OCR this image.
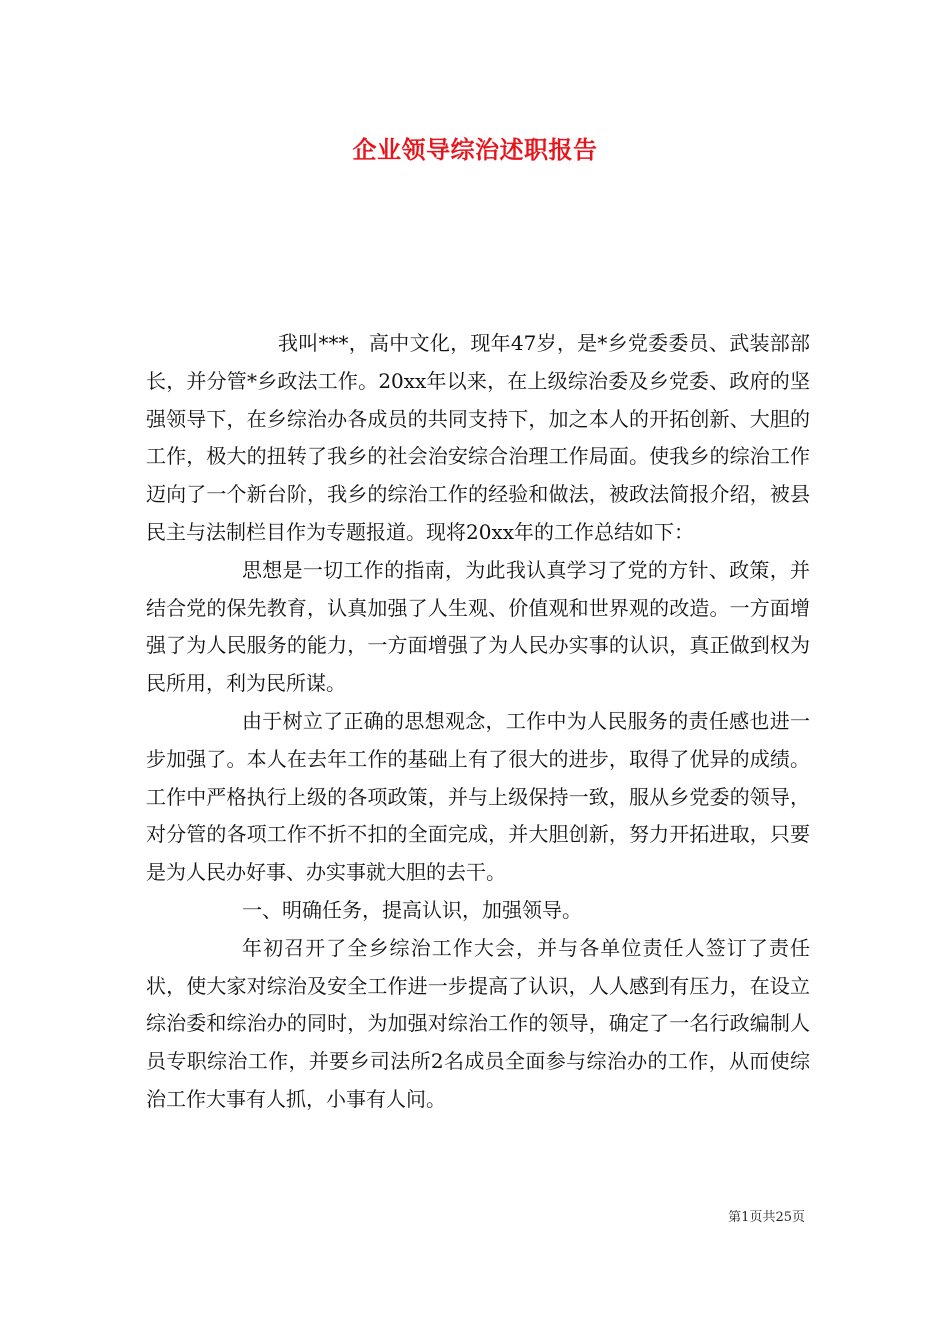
企业领导综治述职报告

我叫***，高中文化，现年47岁，是*乡党委委员、武装部部长，并分管*乡政法工作。20xx年以来，在上级综治委及乡党委、政府的坚强领导下，在乡综治办各成员的共同支持下，加之本人的开拓创新、大胆的工作，极大的扭转了我乡的社会治安综合治理工作局面。使我乡的综治工作迈向了一个新台阶，我乡的综治工作的经验和做法，被政法简报介绍，被县民主与法制栏目作为专题报道。现将20xx年的工作总结如下：

思想是一切工作的指南，为此我认真学习了党的方针、政策，并结合党的保先教育，认真加强了人生观、价值观和世界观的改造。一方面增强了为人民服务的能力，一方面增强了为人民办实事的认识，真正做到权为民所用，利为民所谋。

由于树立了正确的思想观念，工作中为人民服务的责任感也进一步加强了。本人在去年工作的基础上有了很大的进步，取得了优异的成绩。工作中严格执行上级的各项政策，并与上级保持一致，服从乡党委的领导，对分管的各项工作不折不扣的全面完成，并大胆创新，努力开拓进取，只要是为人民办好事、办实事就大胆的去干。

一、明确任务，提高认识，加强领导。

年初召开了全乡综治工作大会，并与各单位责任人签订了责任状，使大家对综治及安全工作进一步提高了认识，人人感到有压力，在设立综治委和综治办的同时，为加强对综治工作的领导，确定了一名行政编制人员专职综治工作，并要乡司法所2名成员全面参与综治办的工作，从而使综治工作大事有人抓，小事有人问。

第1页共25页
